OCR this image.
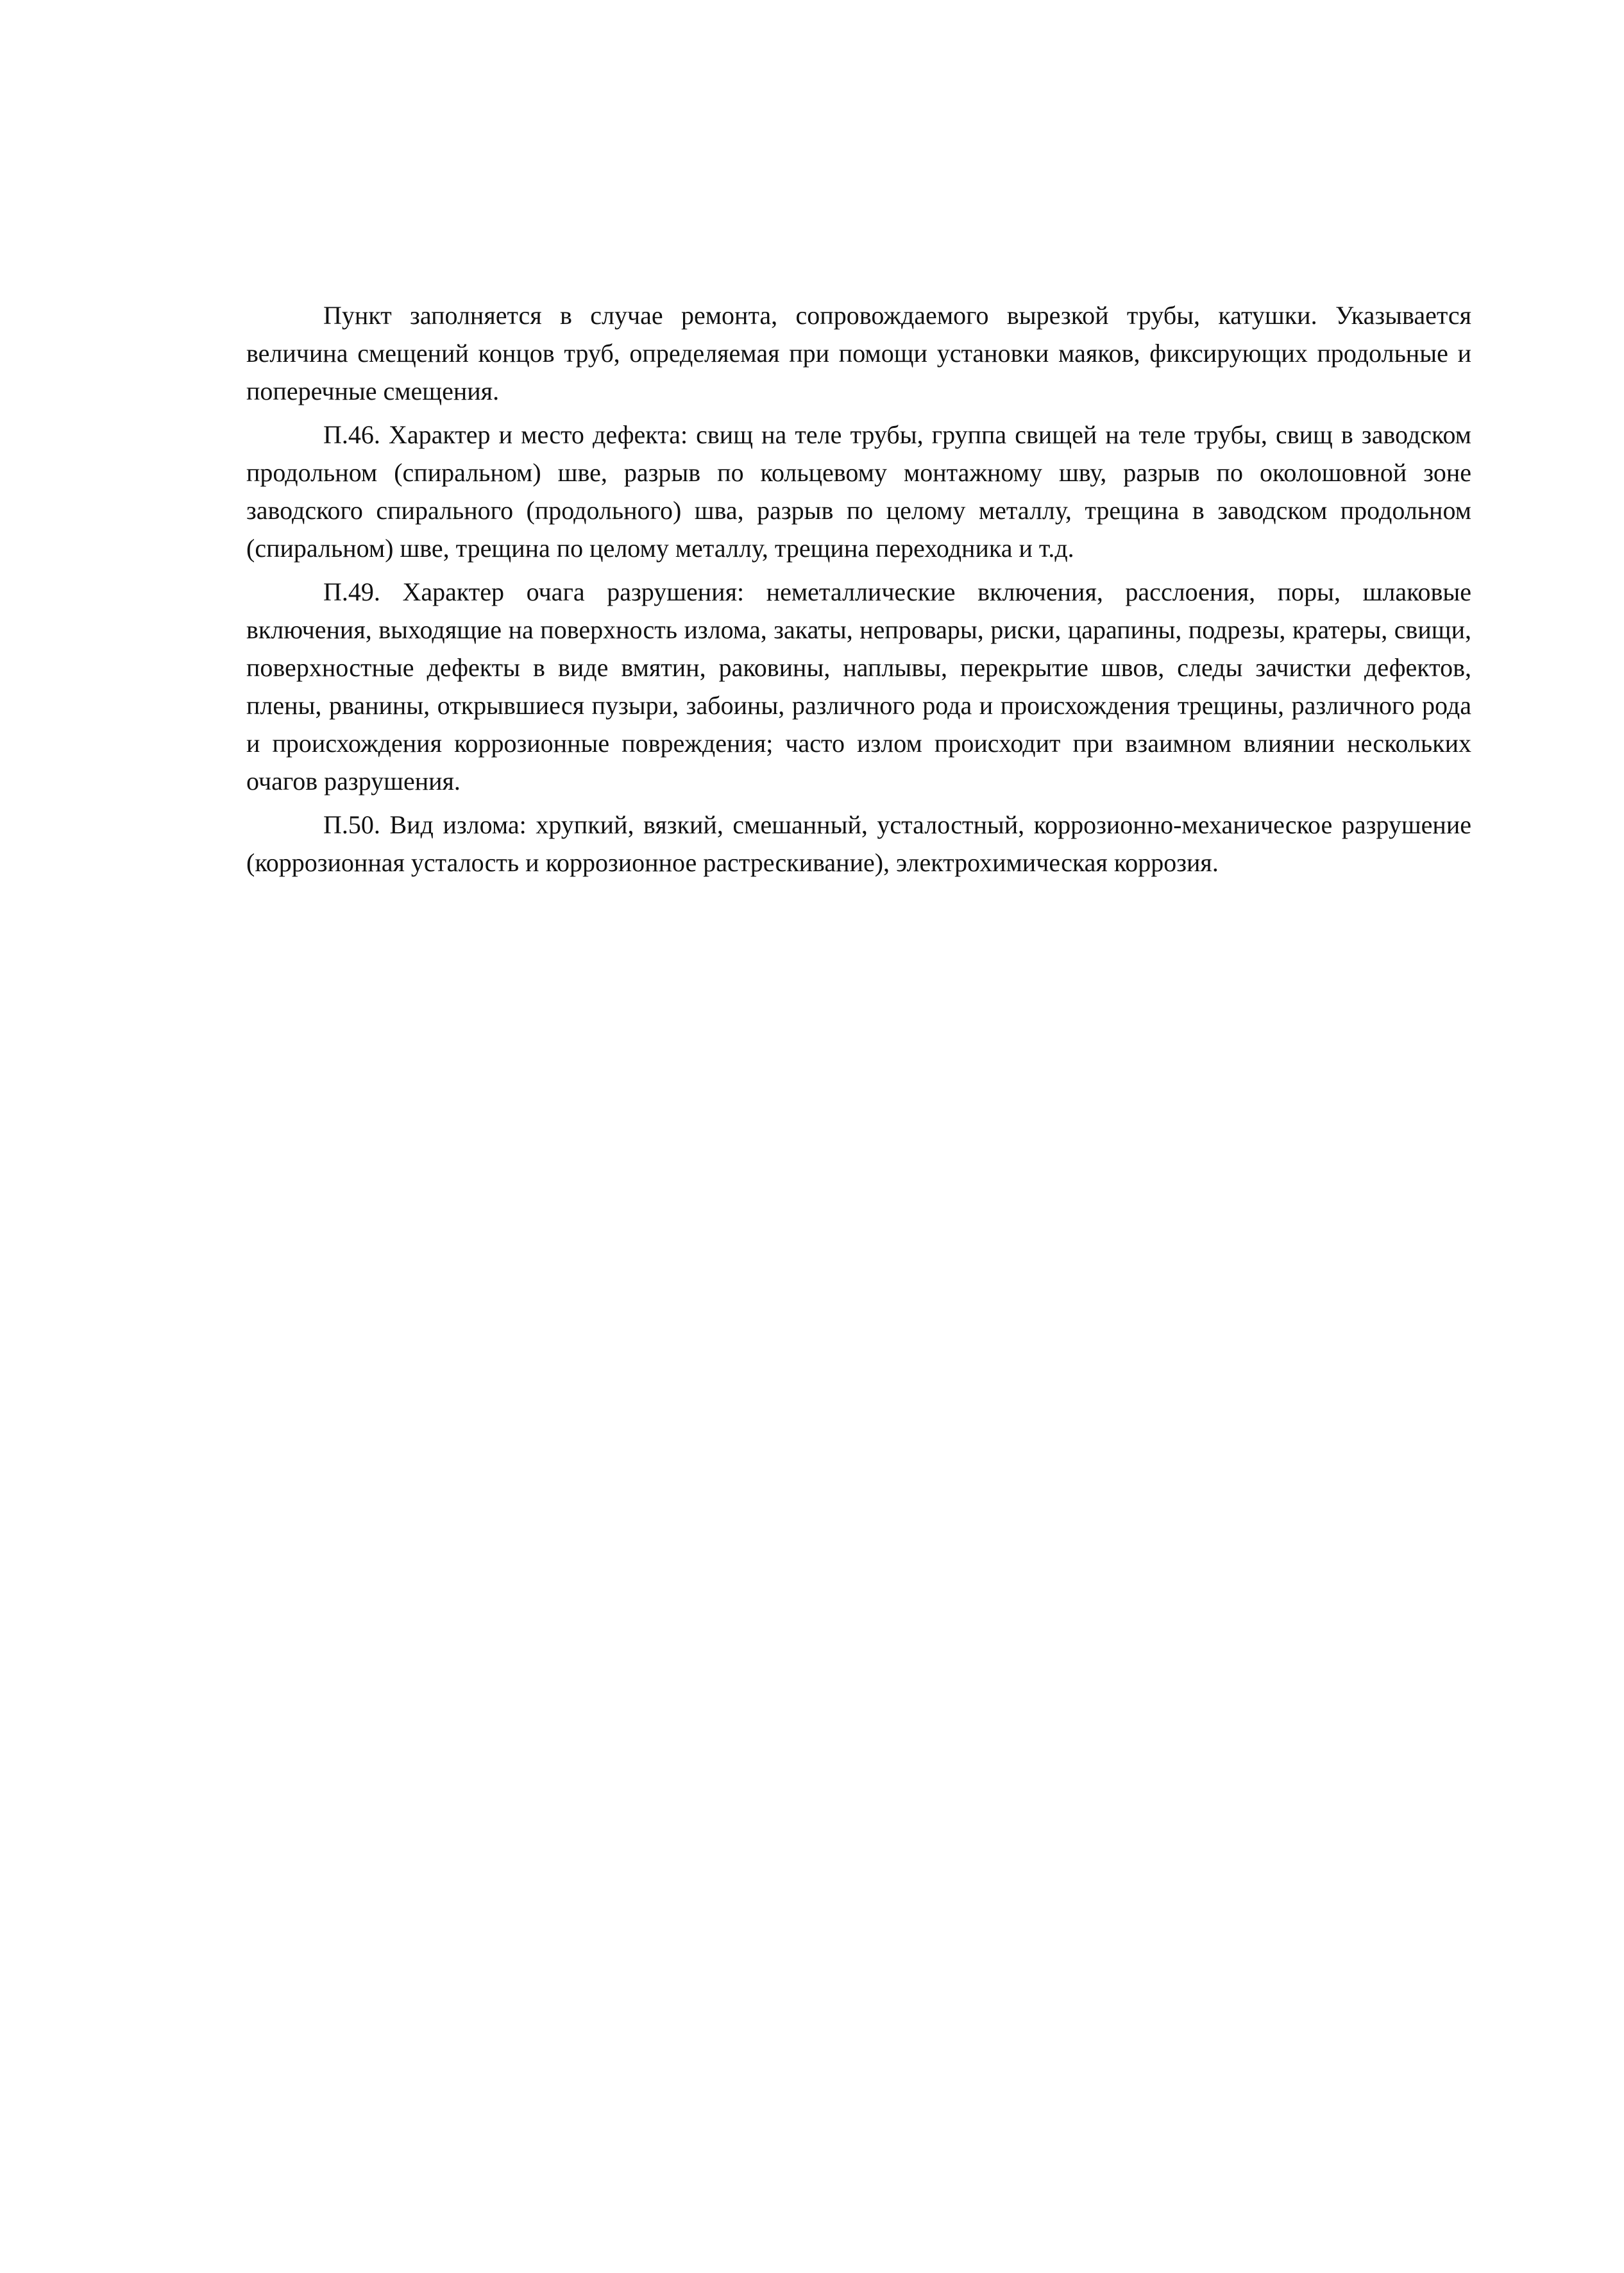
Пункт заполняется в случае ремонта, сопровождаемого вырезкой трубы, катушки. Указывается величина смещений концов труб, определяемая при помощи установки маяков, фиксирующих продольные и поперечные смещения.

П.46. Характер и место дефекта: свищ на теле трубы, группа свищей на теле трубы, свищ в заводском продольном (спиральном) шве, разрыв по кольцевому монтажному шву, разрыв по околошовной зоне заводского спирального (продольного) шва, разрыв по целому металлу, трещина в заводском продольном (спиральном) шве, трещина по целому металлу, трещина переходника и т.д.

П.49. Характер очага разрушения: неметаллические включения, расслоения, поры, шлаковые включения, выходящие на поверхность излома, закаты, непровары, риски, царапины, подрезы, кратеры, свищи, поверхностные дефекты в виде вмятин, раковины, наплывы, перекрытие швов, следы зачистки дефектов, плены, рванины, открывшиеся пузыри, забоины, различного рода и происхождения трещины, различного рода и происхождения коррозионные повреждения; часто излом происходит при взаимном влиянии нескольких очагов разрушения.

П.50. Вид излома: хрупкий, вязкий, смешанный, усталостный, коррозионно-механическое разрушение (коррозионная усталость и коррозионное растрескивание), электрохимическая коррозия.
